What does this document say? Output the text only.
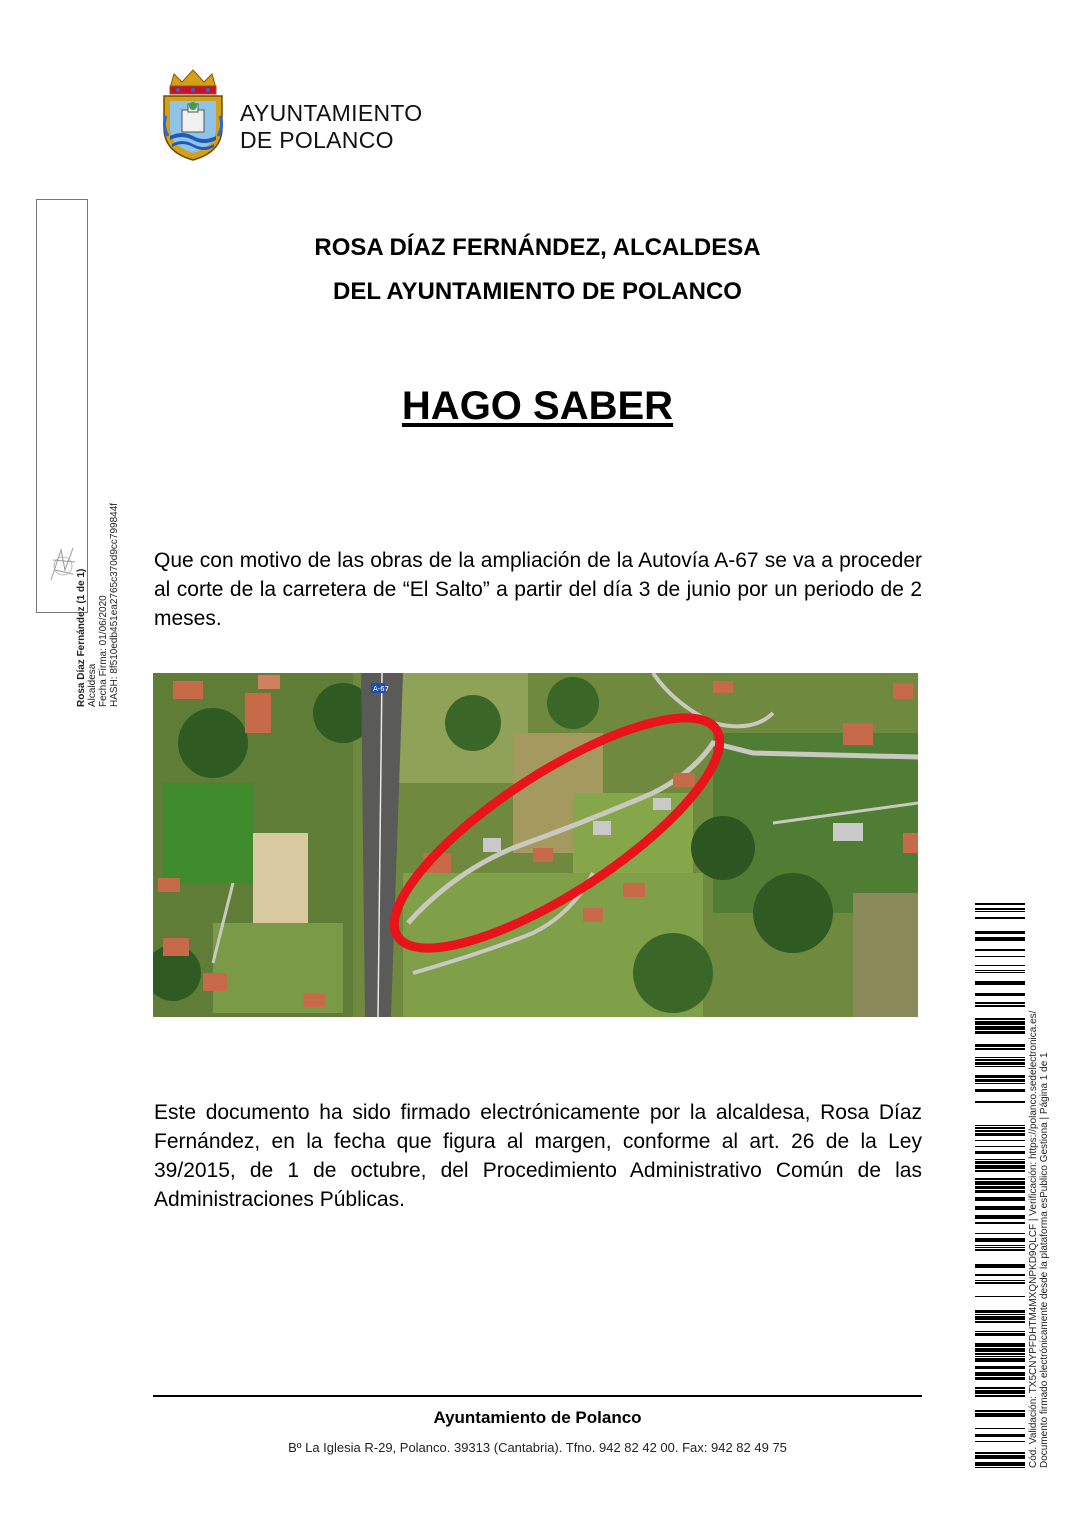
AYUNTAMIENTO
DE POLANCO
Rosa Díaz Fernández (1 de 1) Alcaldesa Fecha Firma: 01/06/2020 HASH: 8f510edb451ea2765c370d9cc799844f
ROSA DÍAZ FERNÁNDEZ, ALCALDESA
DEL AYUNTAMIENTO DE POLANCO
HAGO SABER
Que con motivo de las obras de la ampliación de la Autovía A-67 se va a proceder al corte de la carretera de “El Salto” a partir del día 3 de junio por un periodo de 2 meses.
A-67
Este documento ha sido firmado electrónicamente por la alcaldesa, Rosa Díaz Fernández, en la fecha que figura al margen, conforme al art. 26 de la Ley 39/2015, de 1 de octubre, del Procedimiento Administrativo Común de las Administraciones Públicas.	Cód. Validación: TX5CNYPFDHTM4MXQNPKD9QLCF | Verificación: https://polanco.sedelectronica.es/ Documento firmado electrónicamente desde la plataforma esPublico Gestiona | Página 1 de 1
Ayuntamiento de Polanco
Bº La Iglesia R-29, Polanco. 39313 (Cantabria). Tfno. 942 82 42 00. Fax: 942 82 49 75
